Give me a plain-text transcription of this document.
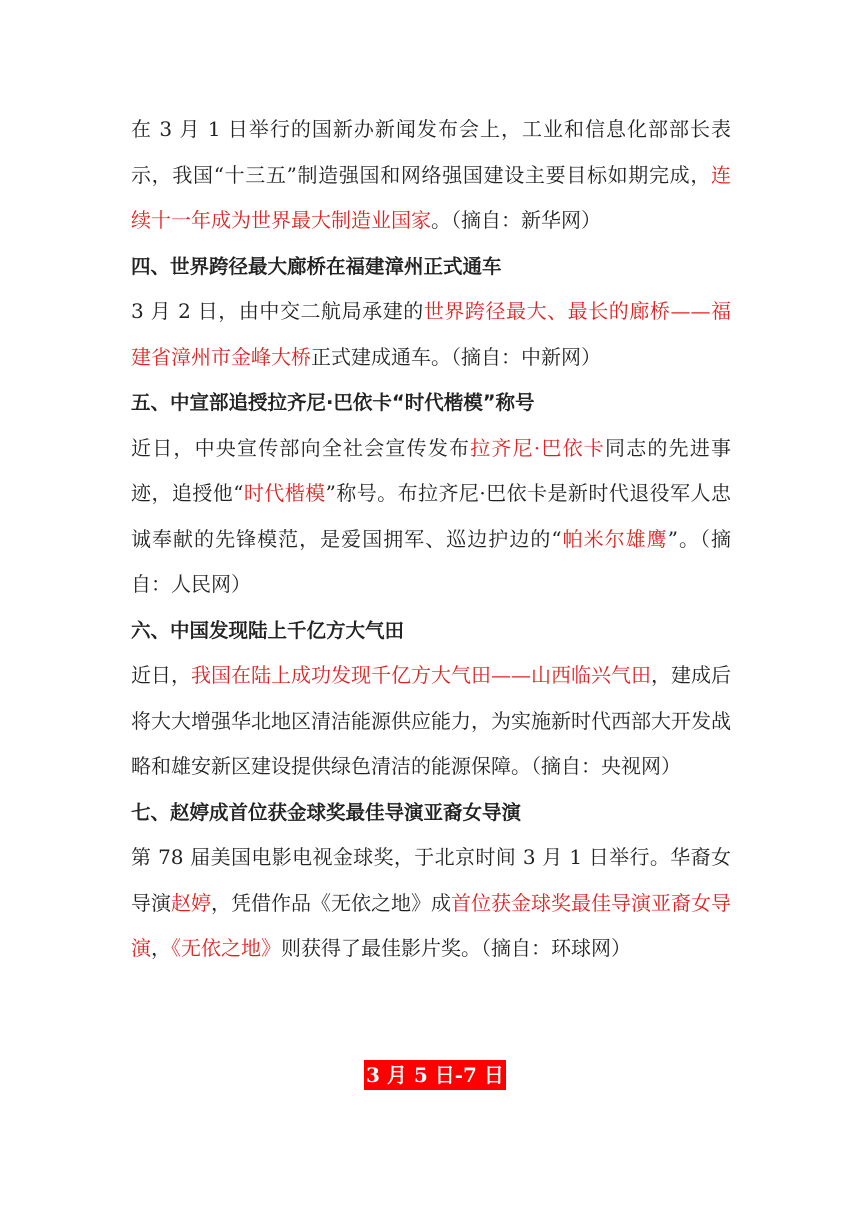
在 3 月 1 日举行的国新办新闻发布会上，工业和信息化部部长表示，我国“十三五”制造强国和网络强国建设主要目标如期完成，连续十一年成为世界最大制造业国家。（摘自：新华网）

四、世界跨径最大廊桥在福建漳州正式通车

3 月 2 日，由中交二航局承建的世界跨径最大、最长的廊桥——福建省漳州市金峰大桥正式建成通车。（摘自：中新网）

五、中宣部追授拉齐尼·巴依卡“时代楷模”称号

近日，中央宣传部向全社会宣传发布拉齐尼·巴依卡同志的先进事迹，追授他“时代楷模”称号。布拉齐尼·巴依卡是新时代退役军人忠诚奉献的先锋模范，是爱国拥军、巡边护边的“帕米尔雄鹰”。（摘自：人民网）

六、中国发现陆上千亿方大气田

近日，我国在陆上成功发现千亿方大气田——山西临兴气田，建成后将大大增强华北地区清洁能源供应能力，为实施新时代西部大开发战略和雄安新区建设提供绿色清洁的能源保障。（摘自：央视网）

七、赵婷成首位获金球奖最佳导演亚裔女导演

第 78 届美国电影电视金球奖，于北京时间 3 月 1 日举行。华裔女导演赵婷，凭借作品《无依之地》成首位获金球奖最佳导演亚裔女导演，《无依之地》则获得了最佳影片奖。（摘自：环球网）

3 月 5 日-7 日
